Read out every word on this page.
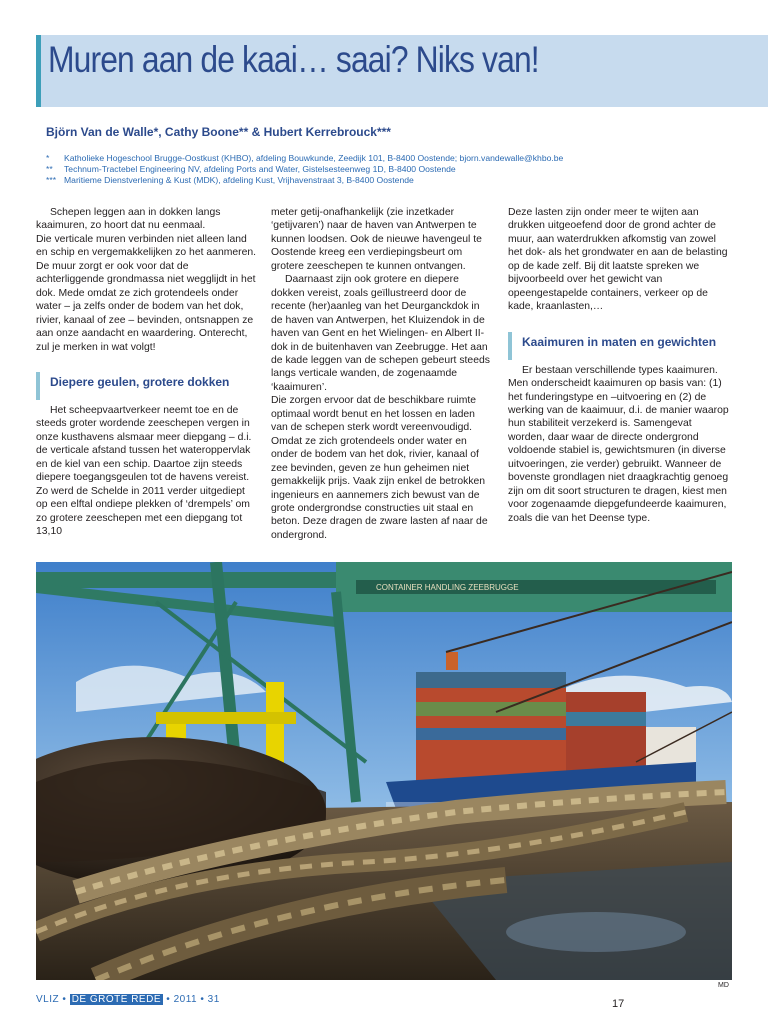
Muren aan de kaai… saai? Niks van!
Björn Van de Walle*, Cathy Boone** & Hubert Kerrebrouck***
* Katholieke Hogeschool Brugge-Oostkust (KHBO), afdeling Bouwkunde, Zeedijk 101, B-8400 Oostende; bjorn.vandewalle@khbo.be
** Technum-Tractebel Engineering NV, afdeling Ports and Water, Gistelsesteenweg 1D, B-8400 Oostende
*** Maritieme Dienstverlening & Kust (MDK), afdeling Kust, Vrijhavenstraat 3, B-8400 Oostende

Schepen leggen aan in dokken langs kaaimuren, zo hoort dat nu eenmaal.

Die verticale muren verbinden niet alleen land en schip en vergemakkelijken zo het aanmeren. De muur zorgt er ook voor dat de achterliggende grondmassa niet wegglijdt in het dok. Mede omdat ze zich grotendeels onder water – ja zelfs onder de bodem van het dok, rivier, kanaal of zee – bevinden, ontsnappen ze aan onze aandacht en waardering. Onterecht, zul je merken in wat volgt!

Diepere geulen, grotere dokken

Het scheepvaartverkeer neemt toe en de steeds groter wordende zeeschepen vergen in onze kusthavens alsmaar meer diepgang – d.i. de verticale afstand tussen het wateroppervlak en de kiel van een schip. Daartoe zijn steeds diepere toegangsgeulen tot de havens vereist. Zo werd de Schelde in 2011 verder uitgediept op een elftal ondiepe plekken of ‘drempels’ om zo grotere zeeschepen met een diepgang tot 13,10

meter getij-onafhankelijk (zie inzetkader ‘getijvaren’) naar de haven van Antwerpen te kunnen loodsen. Ook de nieuwe havengeul te Oostende kreeg een verdiepingsbeurt om grotere zeeschepen te kunnen ontvangen.

Daarnaast zijn ook grotere en diepere dokken vereist, zoals geïllustreerd door de recente (her)aanleg van het Deurganckdok in de haven van Antwerpen, het Kluizendok in de haven van Gent en het Wielingen- en Albert II-dok in de buitenhaven van Zeebrugge. Het aan de kade leggen van de schepen gebeurt steeds langs verticale wanden, de zogenaamde ‘kaaimuren’.

Die zorgen ervoor dat de beschikbare ruimte optimaal wordt benut en het lossen en laden van de schepen sterk wordt vereenvoudigd. Omdat ze zich grotendeels onder water en onder de bodem van het dok, rivier, kanaal of zee bevinden, geven ze hun geheimen niet gemakkelijk prijs. Vaak zijn enkel de betrokken ingenieurs en aannemers zich bewust van de grote ondergrondse constructies uit staal en beton. Deze dragen de zware lasten af naar de ondergrond.

Deze lasten zijn onder meer te wijten aan drukken uitgeoefend door de grond achter de muur, aan waterdrukken afkomstig van zowel het dok- als het grondwater en aan de belasting op de kade zelf. Bij dit laatste spreken we bijvoorbeeld over het gewicht van opeengestapelde containers, verkeer op de kade, kraanlasten,…

Kaaimuren in maten en gewichten

Er bestaan verschillende types kaaimuren. Men onderscheidt kaaimuren op basis van: (1) het funderingstype en –uitvoering en (2) de werking van de kaaimuur, d.i. de manier waarop hun stabiliteit verzekerd is. Samengevat worden, daar waar de directe ondergrond voldoende stabiel is, gewichtsmuren (in diverse uitvoeringen, zie verder) gebruikt. Wanneer de bovenste grondlagen niet draagkrachtig genoeg zijn om dit soort structuren te dragen, kiest men voor zogenaamde diepgefundeerde kaaimuren, zoals die van het Deense type.

CONTAINER HANDLING ZEEBRUGGE
MD
VLIZ • DE GROTE REDE • 2011 • 31	17
